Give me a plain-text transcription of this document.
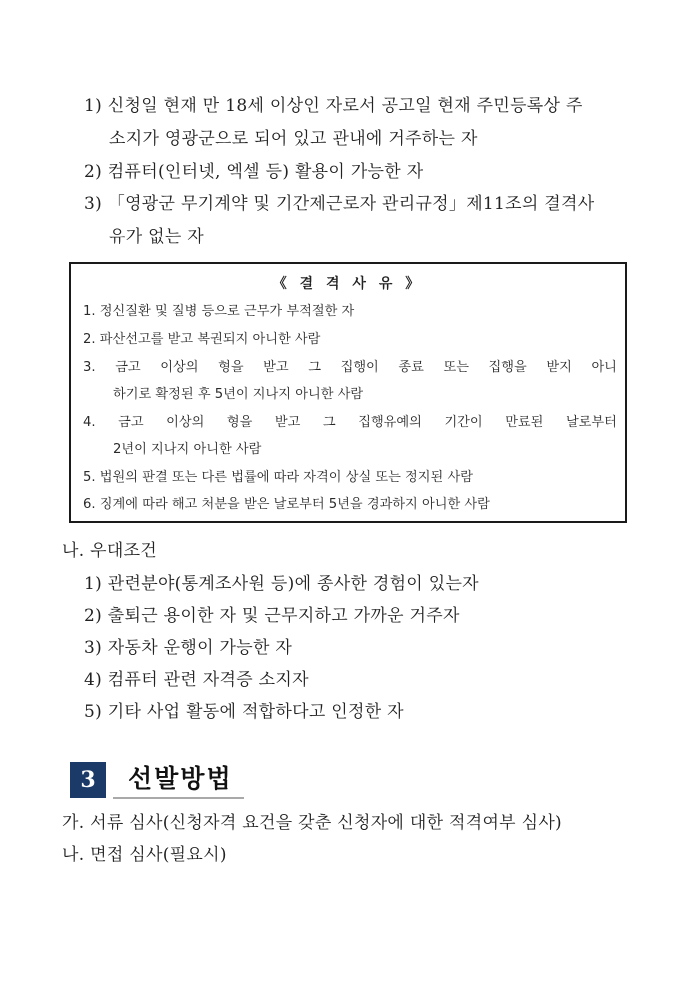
1) 신청일 현재 만 18세 이상인 자로서 공고일 현재 주민등록상 주
소지가 영광군으로 되어 있고 관내에 거주하는 자
2) 컴퓨터(인터넷, 엑셀 등) 활용이 가능한 자
3) 「영광군 무기계약 및 기간제근로자 관리규정」제11조의 결격사
유가 없는 자
《 결 격 사 유 》
1. 정신질환 및 질병 등으로 근무가 부적절한 자
2. 파산선고를 받고 복권되지 아니한 사람
3. 금고 이상의 형을 받고 그 집행이 종료 또는 집행을 받지 아니
하기로 확정된 후 5년이 지나지 아니한 사람
4. 금고 이상의 형을 받고 그 집행유예의 기간이 만료된 날로부터
2년이 지나지 아니한 사람
5. 법원의 판결 또는 다른 법률에 따라 자격이 상실 또는 정지된 사람
6. 징계에 따라 해고 처분을 받은 날로부터 5년을 경과하지 아니한 사람
나. 우대조건
1) 관련분야(통계조사원 등)에 종사한 경험이 있는자
2) 출퇴근 용이한 자 및 근무지하고 가까운 거주자
3) 자동차 운행이 가능한 자
4) 컴퓨터 관련 자격증 소지자
5) 기타 사업 활동에 적합하다고 인정한 자
3	선발방법
가. 서류 심사(신청자격 요건을 갖춘 신청자에 대한 적격여부 심사)
나. 면접 심사(필요시)
